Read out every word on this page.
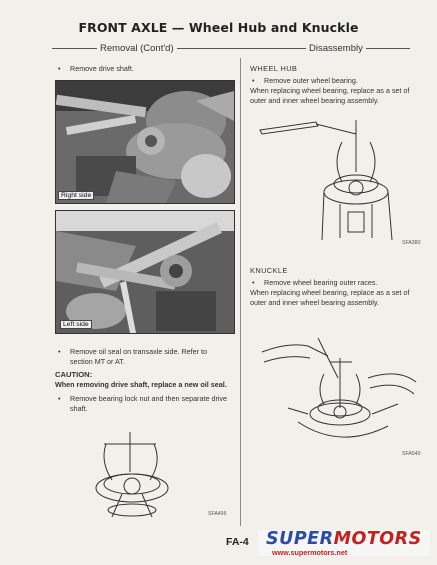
FRONT AXLE — Wheel Hub and Knuckle
Removal (Cont'd)	Disassembly
• Remove drive shaft.
Right side
Left side
• Remove oil seal on transaxle side. Refer to
section MT or AT.
CAUTION:
When removing drive shaft, replace a new oil seal.
• Remove bearing lock nut and then separate drive
shaft.
SFA496
WHEEL HUB
• Remove outer wheel bearing.
When replacing wheel bearing, replace as a set of
outer and inner wheel bearing assembly.
SFA380
KNUCKLE
• Remove wheel bearing outer races.
When replacing wheel bearing, replace as a set of
outer and inner wheel bearing assembly.
SFA540
FA-4 SUPERMOTORS
www.supermotors.net
